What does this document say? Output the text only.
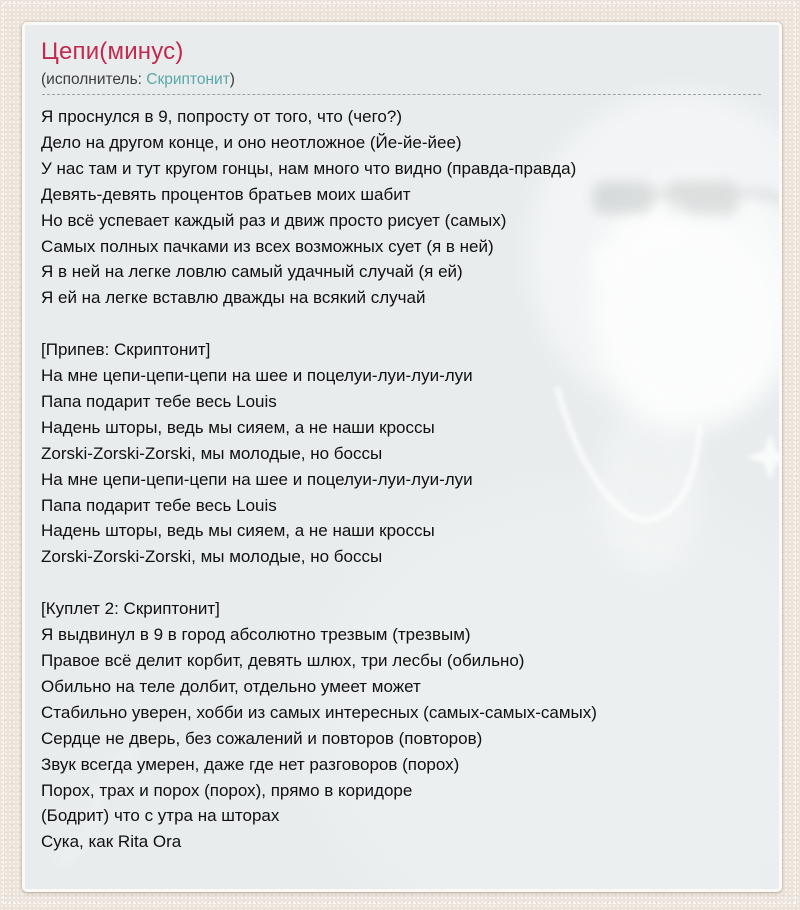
Цепи(минус)
(исполнитель: Скриптонит)

Я проснулся в 9, попросту от того, что (чего?)

Дело на другом конце, и оно неотложное (Йе-йе-йее)

У нас там и тут кругом гонцы, нам много что видно (правда-правда)

Девять-девять процентов братьев моих шабит

Но всё успевает каждый раз и движ просто рисует (самых)

Самых полных пачками из всех возможных сует (я в ней)

Я в ней на легке ловлю самый удачный случай (я ей)

Я ей на легке вставлю дважды на всякий случай

[Припев: Скриптонит]

На мне цепи-цепи-цепи на шее и поцелуи-луи-луи-луи

Папа подарит тебе весь Louis

Надень шторы, ведь мы сияем, а не наши кроссы

Zorski-Zorski-Zorski, мы молодые, но боссы

На мне цепи-цепи-цепи на шее и поцелуи-луи-луи-луи

Папа подарит тебе весь Louis

Надень шторы, ведь мы сияем, а не наши кроссы

Zorski-Zorski-Zorski, мы молодые, но боссы

[Куплет 2: Скриптонит]

Я выдвинул в 9 в город абсолютно трезвым (трезвым)

Правое всё делит корбит, девять шлюх, три лесбы (обильно)

Обильно на теле долбит, отдельно умеет может

Стабильно уверен, хобби из самых интересных (самых-самых-самых)

Сердце не дверь, без сожалений и повторов (повторов)

Звук всегда умерен, даже где нет разговоров (порох)

Порох, трах и порох (порох), прямо в коридоре

(Бодрит) что с утра на шторах

Сука, как Rita Ora
